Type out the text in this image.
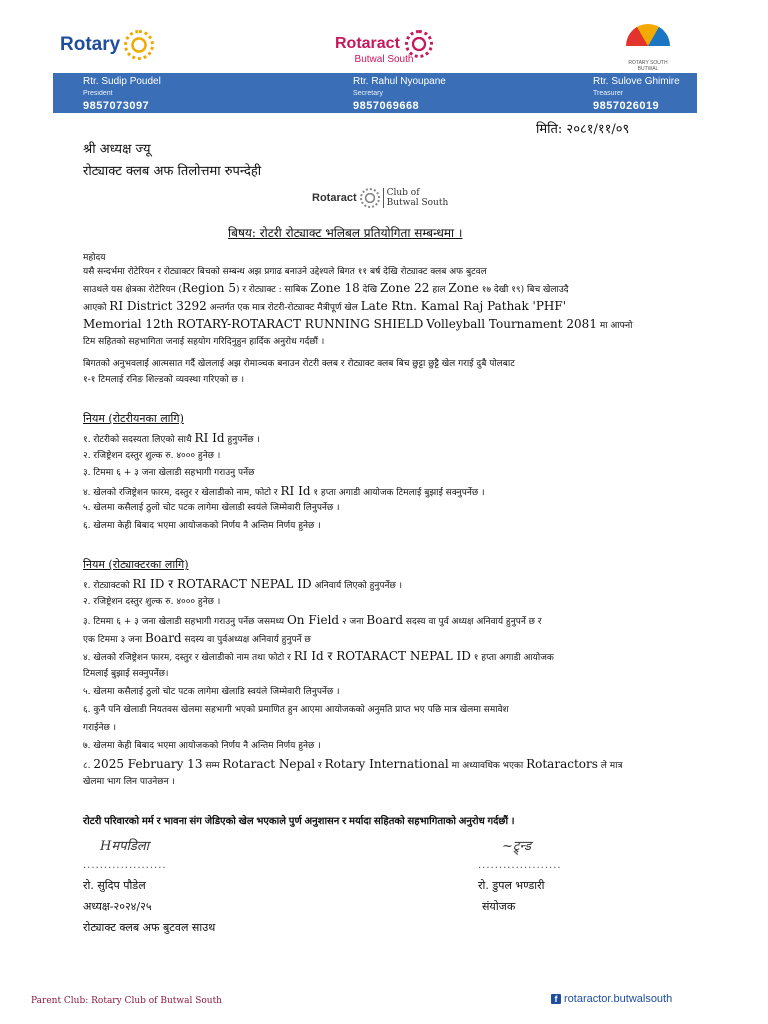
Rotary	Rotaract
Butwal South	ROTARY SOUTH BUTWAL
Rtr. Sudip Poudel
President
9857073097
Rtr. Rahul Nyoupane
Secretary
9857069668
Rtr. Sulove Ghimire
Treasurer
9857026019
मिति: २०८१/११/०९
श्री अध्यक्ष ज्यू
रोट्याक्ट क्लब अफ तिलोत्तमा रुपन्देही
Rotaract	Club of
Butwal South
बिषय: रोटरी रोट्याक्ट भलिबल प्रतियोगिता सम्बन्धमा ।
महोदय
यसै सन्दर्भमा रोटेरियन र रोट्याक्टर बिचको सम्बन्ध अझ प्रगाढ बनाउने उद्देश्यले बिगत ११ बर्ष देखि रोट्याक्ट क्लब अफ बुटवल
साउथले यस क्षेत्रका रोटेरियन (Region 5) र रोट्याक्ट : साबिक Zone 18 देखि Zone 22 हाल Zone १७ देखी १९) बिच खेलाउदै
आएको RI District 3292 अन्तर्गत एक मात्र रोटरी-रोट्याक्ट मैत्रीपूर्ण खेल Late Rtn. Kamal Raj Pathak 'PHF'
Memorial 12th ROTARY-ROTARACT RUNNING SHIELD Volleyball Tournament 2081 मा आफ्नो
टिम सहितको सहभागिता जनाई सहयोग गरिदिनुहुन हार्दिक अनुरोध गर्दछौं ।
बिगतको अनुभवलाई आत्मसात गर्दै खेललाई अझ रोमाञ्चक बनाउन रोटरी क्लब र रोट्याक्ट क्लब बिच छुट्टा छुट्टै खेल गराई दुबै पोलबाट
१-१ टिमलाई रनिङ शिल्डको व्यवस्था गरिएको छ ।
नियम (रोटरीयनका लागि)
१. रोटरीको सदस्यता लिएको साथै RI Id हुनुपर्नेछ ।
२. रजिष्ट्रेशन दस्तुर शुल्क रु. ४००० हुनेछ ।
३. टिममा ६ + ३ जना खेलाडी सहभागी गराउनु पर्नेछ
४. खेलको रजिष्ट्रेशन फारम, दस्तुर र खेलाडीको नाम, फोटो र RI Id १ हप्ता अगाडी आयोजक टिमलाई बुझाई सक्नुपर्नेछ ।
५. खेलमा कसैलाई ठुलो चोट पटक लागेमा खेलाडी स्वयंले जिम्मेवारी लिनुपर्नेछ ।
६. खेलमा केही बिबाद भएमा आयोजकको निर्णय नै अन्तिम निर्णय हुनेछ ।
नियम (रोट्याक्टरका लागि)
१. रोट्याक्टको RI ID र ROTARACT NEPAL ID अनिवार्य लिएको हुनुपर्नेछ ।
२. रजिष्ट्रेशन दस्तुर शुल्क रु. ४००० हुनेछ ।
३. टिममा ६ + ३ जना खेलाडी सहभागी गराउनु पर्नेछ जसमध्य On Field २ जना Board सदस्य वा पुर्व अध्यक्ष अनिवार्य हुनुपर्ने छ र
एक टिममा ३ जना Board सदस्य वा पुर्वअध्यक्ष अनिवार्य हुनुपर्ने छ
४. खेलको रजिष्ट्रेशन फारम, दस्तुर र खेलाडीको नाम तथा फोटो र RI Id र ROTARACT NEPAL ID १ हप्ता अगाडी आयोजक
टिमलाई बुझाई सक्नुपर्नेछ।
५. खेलमा कसैलाई ठुलो चोट पटक लागेमा खेलाडि स्वयंले जिम्मेवारी लिनुपर्नेछ ।
६. कुनै पनि खेलाडी नियतवस खेलमा सहभागी भएको प्रमाणित हुन आएमा आयोजकको अनुमति प्राप्त भए पछि मात्र खेलमा समावेश
गराईनेछ ।
७. खेलमा केही बिबाद भएमा आयोजकको निर्णय नै अन्तिम निर्णय हुनेछ ।
८. 2025 February 13 सम्म Rotaract Nepal र Rotary International मा अध्यावधिक भएका Rotaractors ले मात्र
खेलमा भाग लिन पाउनेछन ।
रोटरी परिवारको मर्म र भावना संग जेडिएको खेल भएकाले पुर्ण अनुशासन र मर्यादा सहितको सहभागिताको अनुरोध गर्दछौं ।
Hमपडिला
....................
रो. सुदिप पौडेल
अध्यक्ष-२०२४/२५
रोट्याक्ट क्लब अफ बुटवल साउथ
~ट्र्न्ड
....................
रो. डुपल भण्डारी
संयोजक
Parent Club: Rotary Club of Butwal South	f rotaractor.butwalsouth
